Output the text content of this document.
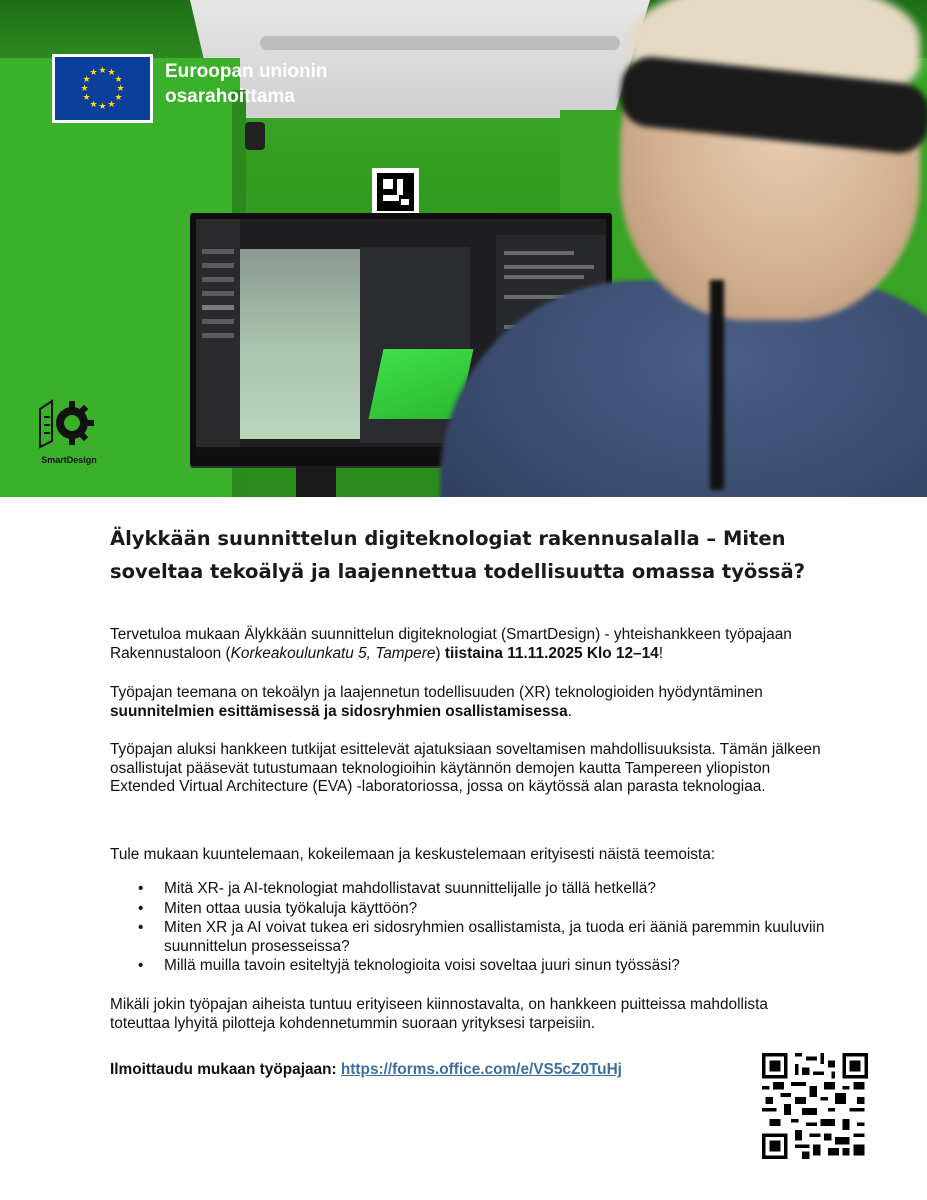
★ ★
★
★
★
★
★
★
★
★
★
★	Euroopan unionin
osarahoittama
SmartDesign
Älykkään suunnittelun digiteknologiat rakennusalalla – Miten soveltaa tekoälyä ja laajennettua todellisuutta omassa työssä?

Tervetuloa mukaan Älykkään suunnittelun digiteknologiat (SmartDesign) - yhteishankkeen työpajaan Rakennustaloon (Korkeakoulunkatu 5, Tampere) tiistaina 11.11.2025 Klo 12–14!

Työpajan teemana on tekoälyn ja laajennetun todellisuuden (XR) teknologioiden hyödyntäminen suunnitelmien esittämisessä ja sidosryhmien osallistamisessa.

Työpajan aluksi hankkeen tutkijat esittelevät ajatuksiaan soveltamisen mahdollisuuksista. Tämän jälkeen osallistujat pääsevät tutustumaan teknologioihin käytännön demojen kautta Tampereen yliopiston Extended Virtual Architecture (EVA) -laboratoriossa, jossa on käytössä alan parasta teknologiaa.

Tule mukaan kuuntelemaan, kokeilemaan ja keskustelemaan erityisesti näistä teemoista:

• Mitä XR- ja AI-teknologiat mahdollistavat suunnittelijalle jo tällä hetkellä?
• Miten ottaa uusia työkaluja käyttöön?
• Miten XR ja AI voivat tukea eri sidosryhmien osallistamista, ja tuoda eri ääniä paremmin kuuluviin suunnittelun prosesseissa?
• Millä muilla tavoin esiteltyjä teknologioita voisi soveltaa juuri sinun työssäsi?

Mikäli jokin työpajan aiheista tuntuu erityiseen kiinnostavalta, on hankkeen puitteissa mahdollista toteuttaa lyhyitä pilotteja kohdennetummin suoraan yrityksesi tarpeisiin.

Ilmoittaudu mukaan työpajaan: https://forms.office.com/e/VS5cZ0TuHj
